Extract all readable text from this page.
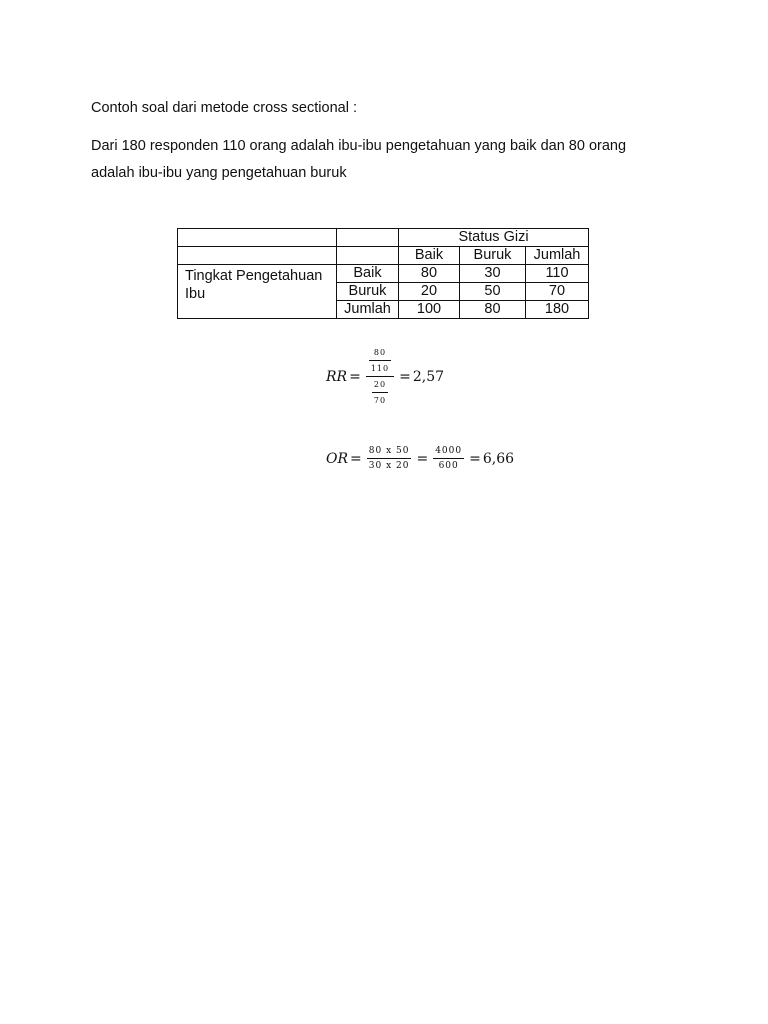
Contoh soal dari metode cross sectional :
Dari 180 responden 110 orang adalah ibu-ibu pengetahuan yang baik dan 80 orang
adalah ibu-ibu yang pengetahuan buruk
		Status Gizi		
		Baik	Buruk	Jumlah
Tingkat Pengetahuan Ibu	Baik	80	30	110
	Buruk	20	50	70
	Jumlah	100	80	180
RR = $\frac{\frac{80}{110}}{\frac{20}{70}} = 2,57$
OR = $\frac{80 x 50}{30 x 20} = \frac{4000}{600} = 6,66$
